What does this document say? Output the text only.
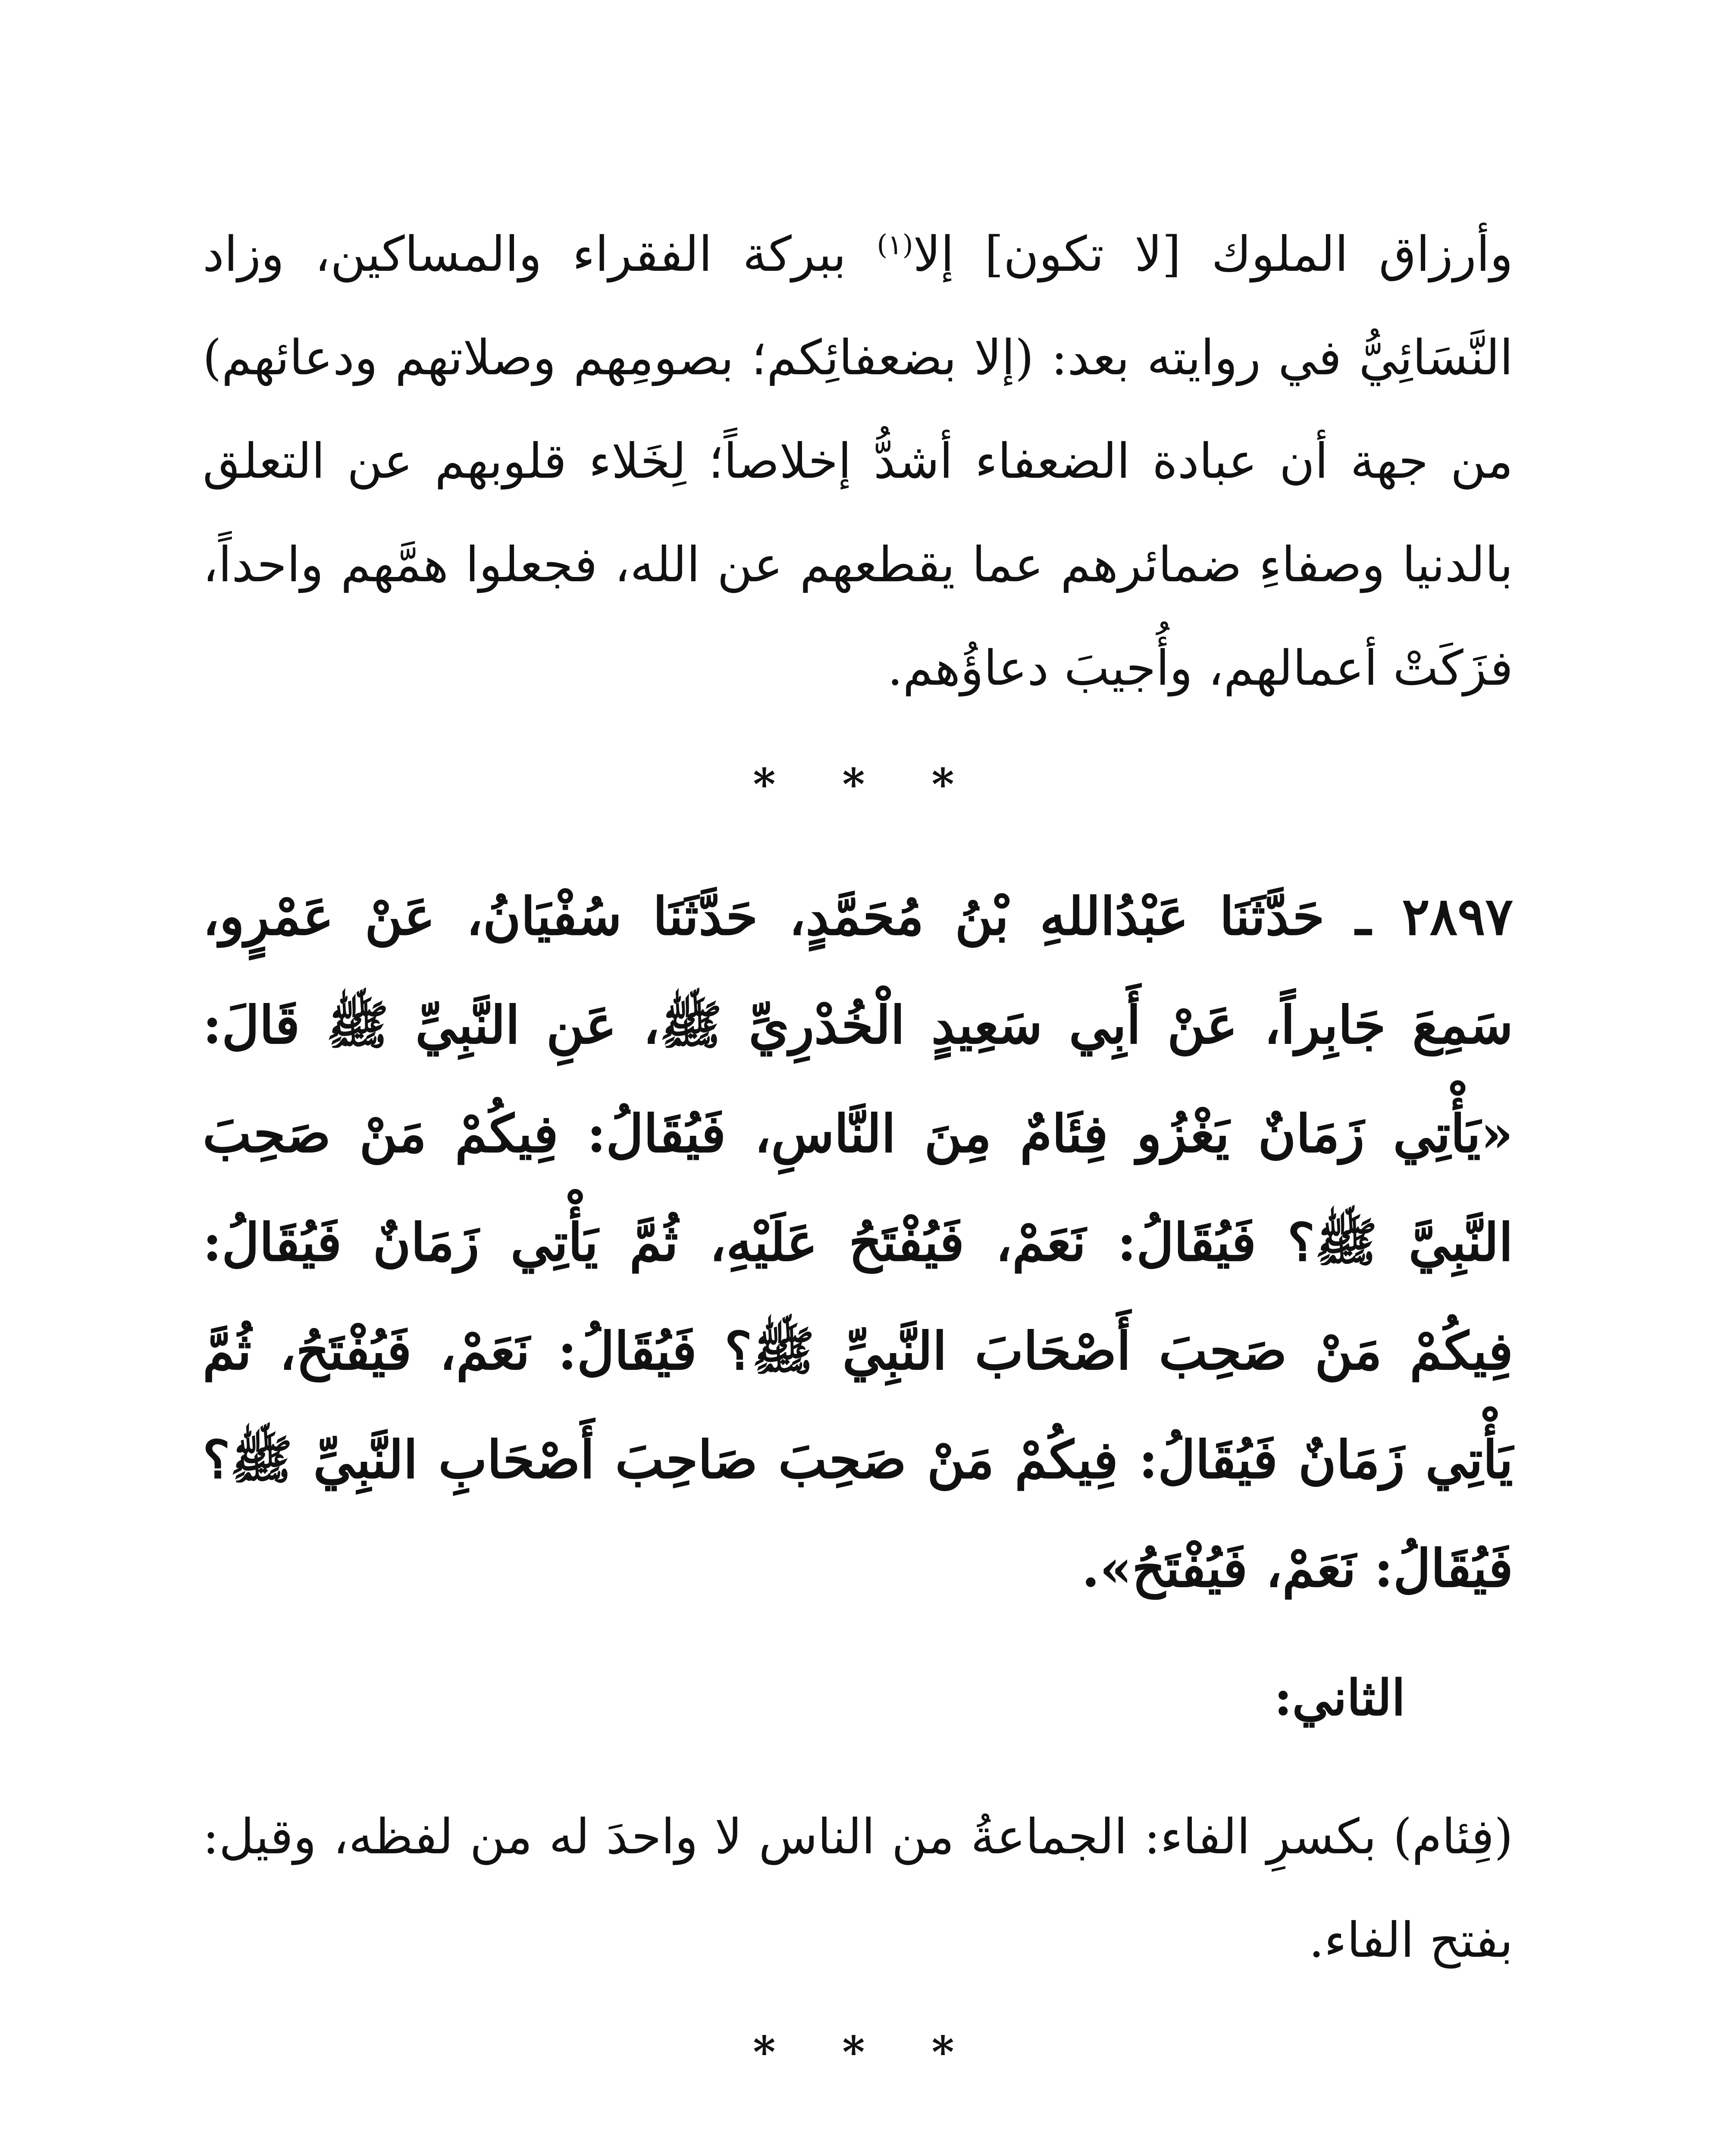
وأرزاق الملوك [لا تكون] إلا$^{(١)}$ ببركة الفقراء والمساكين، وزاد النَّسَائِيُّ في روايته بعد: (إلا بضعفائِكم؛ بصومِهم وصلاتهم ودعائهم) من جهة أن عبادة الضعفاء أشدُّ إخلاصاً؛ لِخَلاء قلوبهم عن التعلق بالدنيا وصفاءِ ضمائرهم عما يقطعهم عن الله، فجعلوا همَّهم واحداً، فزَكَتْ أعمالهم، وأُجيبَ دعاؤُهم.

* * *

٢٨٩٧ ـ حَدَّثَنَا عَبْدُاللهِ بْنُ مُحَمَّدٍ، حَدَّثَنَا سُفْيَانُ، عَنْ عَمْرٍو، سَمِعَ جَابِراً، عَنْ أَبِي سَعِيدٍ الْخُدْرِيِّ ﷺ، عَنِ النَّبِيِّ ﷺ قَالَ: «يَأْتِي زَمَانٌ يَغْزُو فِئَامٌ مِنَ النَّاسِ، فَيُقَالُ: فِيكُمْ مَنْ صَحِبَ النَّبِيَّ ﷺ؟ فَيُقَالُ: نَعَمْ، فَيُفْتَحُ عَلَيْهِ، ثُمَّ يَأْتِي زَمَانٌ فَيُقَالُ: فِيكُمْ مَنْ صَحِبَ أَصْحَابَ النَّبِيِّ ﷺ؟ فَيُقَالُ: نَعَمْ، فَيُفْتَحُ، ثُمَّ يَأْتِي زَمَانٌ فَيُقَالُ: فِيكُمْ مَنْ صَحِبَ صَاحِبَ أَصْحَابِ النَّبِيِّ ﷺ؟ فَيُقَالُ: نَعَمْ، فَيُفْتَحُ».

الثاني:

(فِئام) بكسرِ الفاء: الجماعةُ من الناس لا واحدَ له من لفظه، وقيل: بفتح الفاء.

* * *
